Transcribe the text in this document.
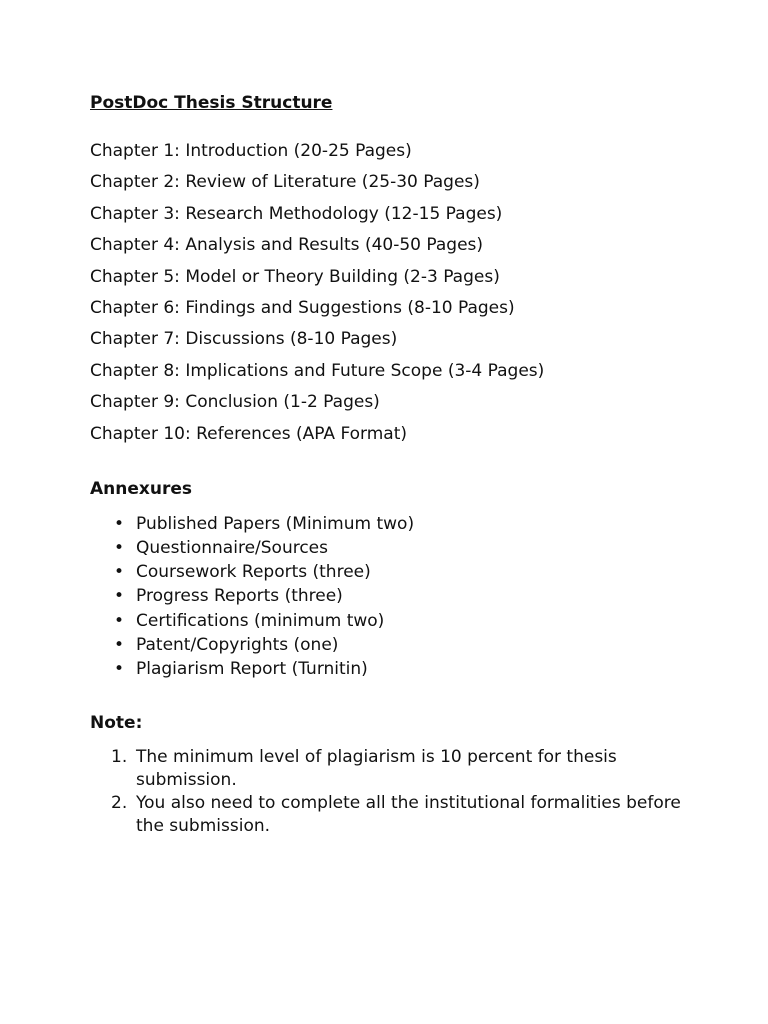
PostDoc Thesis Structure
Chapter 1: Introduction (20-25 Pages)
Chapter 2: Review of Literature (25-30 Pages)
Chapter 3: Research Methodology (12-15 Pages)
Chapter 4: Analysis and Results (40-50 Pages)
Chapter 5: Model or Theory Building (2-3 Pages)
Chapter 6: Findings and Suggestions (8-10 Pages)
Chapter 7: Discussions (8-10 Pages)
Chapter 8: Implications and Future Scope (3-4 Pages)
Chapter 9: Conclusion (1-2 Pages)
Chapter 10: References (APA Format)
Annexures
• Published Papers (Minimum two)
• Questionnaire/Sources
• Coursework Reports (three)
• Progress Reports (three)
• Certifications (minimum two)
• Patent/Copyrights (one)
• Plagiarism Report (Turnitin)
Note:
The minimum level of plagiarism is 10 percent for thesis submission.
You also need to complete all the institutional formalities before the submission.
